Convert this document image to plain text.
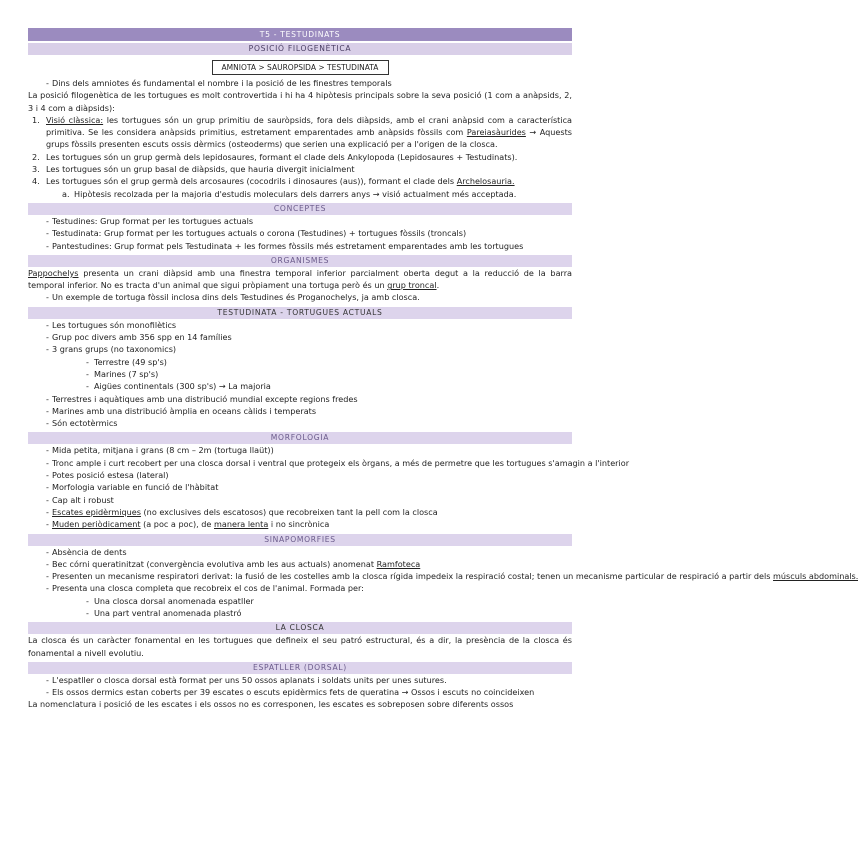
T5 - TESTUDINATS
POSICIÓ FILOGENÈTICA
AMNIOTA > SAUROPSIDA > TESTUDINATA
- Dins dels amniotes és fundamental el nombre i la posició de les finestres temporals
La posició filogenètica de les tortugues es molt controvertida i hi ha 4 hipòtesis principals sobre la seva posició (1 com a anàpsids, 2, 3 i 4 com a diàpsids):
1. Visió clàssica: les tortugues són un grup primitiu de sauròpsids, fora dels diàpsids, amb el crani anàpsid com a característica primitiva. Se les considera anàpsids primitius, estretament emparentades amb anàpsids fòssils com Pareiasàurides → Aquests grups fòssils presenten escuts ossis dèrmics (osteoderms) que serien una explicació per a l'origen de la closca.
2. Les tortugues són un grup germà dels lepidosaures, formant el clade dels Ankylopoda (Lepidosaures + Testudinats).
3. Les tortugues són un grup basal de diàpsids, que hauria divergit inicialment
4. Les tortugues són el grup germà dels arcosaures (cocodrils i dinosaures (aus)), formant el clade dels Archelosauria.
a. Hipòtesis recolzada per la majoria d'estudis moleculars dels darrers anys → visió actualment més acceptada.
CONCEPTES
- Testudines: Grup format per les tortugues actuals
- Testudinata: Grup format per les tortugues actuals o corona (Testudines) + tortugues fòssils (troncals)
- Pantestudines: Grup format pels Testudinata + les formes fòssils més estretament emparentades amb les tortugues
ORGANISMES
Pappochelys presenta un crani diàpsid amb una finestra temporal inferior parcialment oberta degut a la reducció de la barra temporal inferior. No es tracta d'un animal que sigui pròpiament una tortuga però és un grup troncal.
- Un exemple de tortuga fòssil inclosa dins dels Testudines és Proganochelys, ja amb closca.
TESTUDINATA - TORTUGUES ACTUALS
- Les tortugues són monofilètics
- Grup poc divers amb 356 spp en 14 famílies
- 3 grans grups (no taxonomics)
- Terrestre (49 sp's)
- Marines (7 sp's)
- Aigües continentals (300 sp's) → La majoria
- Terrestres i aquàtiques amb una distribució mundial excepte regions fredes
- Marines amb una distribució àmplia en oceans càlids i temperats
- Són ectotèrmics
MORFOLOGIA
- Mida petita, mitjana i grans (8 cm – 2m (tortuga llaüt))
- Tronc ample i curt recobert per una closca dorsal i ventral que protegeix els òrgans, a més de permetre que les tortugues s'amagin a l'interior
- Potes posició estesa (lateral)
- Morfologia variable en funció de l'hàbitat
- Cap alt i robust
- Escates epidèrmiques (no exclusives dels escatosos) que recobreixen tant la pell com la closca
- Muden periòdicament (a poc a poc), de manera lenta i no sincrònica
SINAPOMORFIES
- Absència de dents
- Bec córni queratinitzat (convergència evolutiva amb les aus actuals) anomenat Ramfoteca
- Presenten un mecanisme respiratori derivat: la fusió de les costelles amb la closca rígida impedeix la respiració costal; tenen un mecanisme particular de respiració a partir dels músculs abdominals.
- Presenta una closca completa que recobreix el cos de l'animal. Formada per:
- Una closca dorsal anomenada espatller
- Una part ventral anomenada plastró
LA CLOSCA
La closca és un caràcter fonamental en les tortugues que defineix el seu patró estructural, és a dir, la presència de la closca és fonamental a nivell evolutiu.
ESPATLLER (DORSAL)
- L'espatller o closca dorsal està format per uns 50 ossos aplanats i soldats units per unes sutures.
- Els ossos dermics estan coberts per 39 escates o escuts epidèrmics fets de queratina → Ossos i escuts no coincideixen
La nomenclatura i posició de les escates i els ossos no es corresponen, les escates es sobreposen sobre diferents ossos
